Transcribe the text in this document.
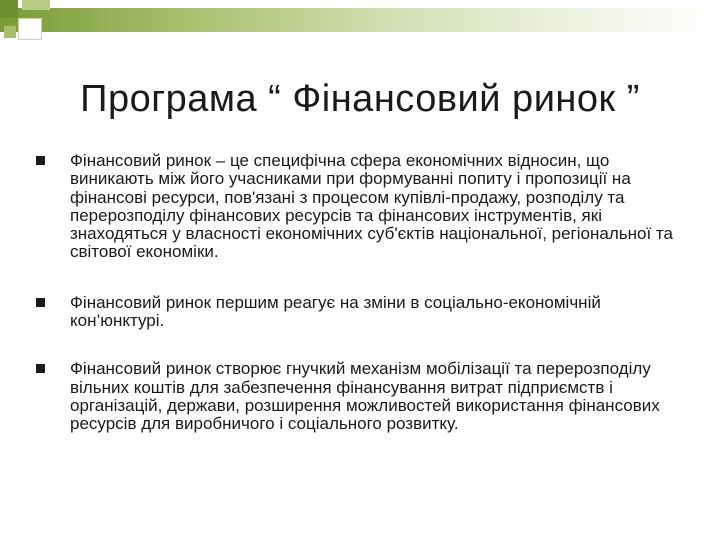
Програма “ Фінансовий ринок ”
Фінансовий ринок – це специфічна сфера економічних відносин, що виникають між його учасниками при формуванні попиту і пропозиції на фінансові ресурси, пов'язані з процесом купівлі-продажу, розподілу та перерозподілу фінансових ресурсів та фінансових інструментів, які знаходяться у власності економічних суб'єктів національної, регіональної та світової економіки.
Фінансовий ринок першим реагує на зміни в соціально-економічній кон’юнктурі.
Фінансовий ринок створює гнучкий механізм мобілізації та перерозподілу вільних коштів для забезпечення фінансування витрат підприємств і організацій, держави, розширення можливостей використання фінансових ресурсів для виробничого і соціального розвитку.
